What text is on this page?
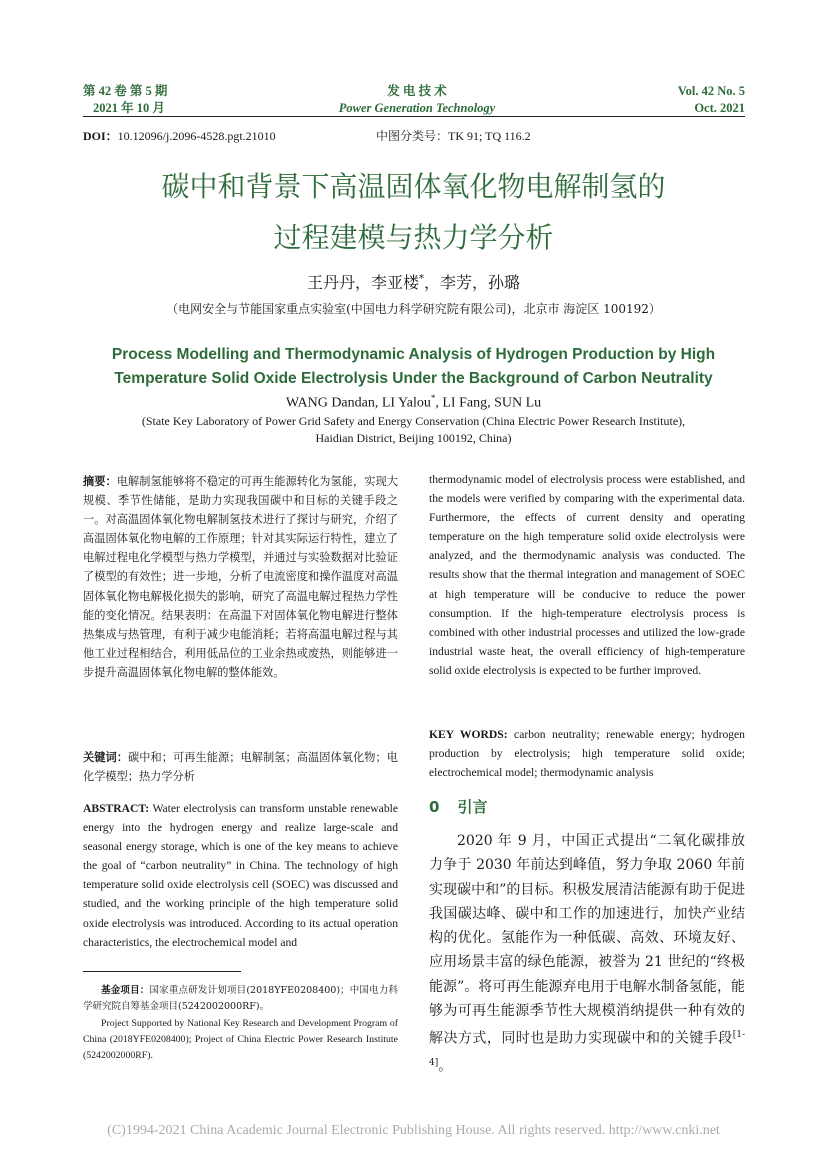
第 42 卷 第 5 期
2021 年 10 月
发 电 技 术
Power Generation Technology
Vol. 42 No. 5
Oct. 2021
DOI：10.12096/j.2096-4528.pgt.21010	中图分类号：TK 91; TQ 116.2
碳中和背景下高温固体氧化物电解制氢的
过程建模与热力学分析
王丹丹，李亚楼*，李芳，孙璐
（电网安全与节能国家重点实验室(中国电力科学研究院有限公司)，北京市 海淀区 100192）
Process Modelling and Thermodynamic Analysis of Hydrogen Production by High
Temperature Solid Oxide Electrolysis Under the Background of Carbon Neutrality
WANG Dandan, LI Yalou*, LI Fang, SUN Lu
(State Key Laboratory of Power Grid Safety and Energy Conservation (China Electric Power Research Institute),
Haidian District, Beijing 100192, China)
摘要：电解制氢能够将不稳定的可再生能源转化为氢能，实现大规模、季节性储能，是助力实现我国碳中和目标的关键手段之一。对高温固体氧化物电解制氢技术进行了探讨与研究，介绍了高温固体氧化物电解的工作原理；针对其实际运行特性，建立了电解过程电化学模型与热力学模型，并通过与实验数据对比验证了模型的有效性；进一步地，分析了电流密度和操作温度对高温固体氧化物电解极化损失的影响，研究了高温电解过程热力学性能的变化情况。结果表明：在高温下对固体氧化物电解进行整体热集成与热管理，有利于减少电能消耗；若将高温电解过程与其他工业过程相结合，利用低品位的工业余热或废热，则能够进一步提升高温固体氧化物电解的整体能效。
关键词：碳中和；可再生能源；电解制氢；高温固体氧化物；电化学模型；热力学分析
ABSTRACT: Water electrolysis can transform unstable renewable energy into the hydrogen energy and realize large-scale and seasonal energy storage, which is one of the key means to achieve the goal of “carbon neutrality” in China. The technology of high temperature solid oxide electrolysis cell (SOEC) was discussed and studied, and the working principle of the high temperature solid oxide electrolysis was introduced. According to its actual operation characteristics, the electrochemical model and
基金项目：国家重点研发计划项目(2018YFE0208400)；中国电力科学研究院自筹基金项目(5242002000RF)。
Project Supported by National Key Research and Development Program of China (2018YFE0208400); Project of China Electric Power Research Institute (5242002000RF).
thermodynamic model of electrolysis process were established, and the models were verified by comparing with the experimental data. Furthermore, the effects of current density and operating temperature on the high temperature solid oxide electrolysis were analyzed, and the thermodynamic analysis was conducted. The results show that the thermal integration and management of SOEC at high temperature will be conducive to reduce the power consumption. If the high-temperature electrolysis process is combined with other industrial processes and utilized the low-grade industrial waste heat, the overall efficiency of high-temperature solid oxide electrolysis is expected to be further improved.
KEY WORDS: carbon neutrality; renewable energy; hydrogen production by electrolysis; high temperature solid oxide; electrochemical model; thermodynamic analysis
0 引言
2020 年 9 月，中国正式提出“二氧化碳排放力争于 2030 年前达到峰值，努力争取 2060 年前实现碳中和”的目标。积极发展清洁能源有助于促进我国碳达峰、碳中和工作的加速进行，加快产业结构的优化。氢能作为一种低碳、高效、环境友好、应用场景丰富的绿色能源，被誉为 21 世纪的“终极能源”。将可再生能源弃电用于电解水制备氢能，能够为可再生能源季节性大规模消纳提供一种有效的解决方式，同时也是助力实现碳中和的关键手段[1-4]。
(C)1994-2021 China Academic Journal Electronic Publishing House. All rights reserved. http://www.cnki.net
